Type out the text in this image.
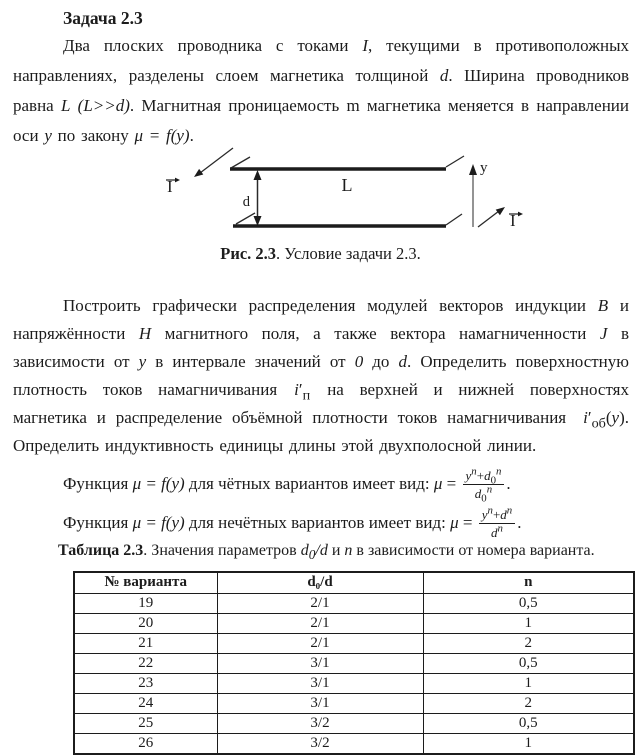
Задача 2.3

Два плоских проводника с токами I, текущими в противоположных направлениях, разделены слоем магнетика толщиной d. Ширина проводников равна L (L>>d). Магнитная проницаемость m магнетика меняется в направлении оси y по закону μ = f(y).

I
d
L
y
I

Рис. 2.3. Условие задачи 2.3.

Построить графически распределения модулей векторов индукции B и напряжённости H магнитного поля, а также вектора намагниченности J в зависимости от y в интервале значений от 0 до d. Определить поверхностную плотность токов намагничивания  $i'_п$  на верхней и нижней поверхностях магнетика и распределение объёмной плотности токов намагничивания  $i'_{об}(y)$. Определить индуктивность единицы длины этой двухполосной линии.

Функция μ = f(y) для чётных вариантов имеет вид: $\mu = \frac{y^n+d_0^n}{d_0^n}$ .
Функция μ = f(y) для нечётных вариантов имеет вид: $\mu = \frac{y^n+d^n}{d^n}$ .

Таблица 2.3. Значения параметров $d_0/d$ и n в зависимости от номера варианта.

№ варианта	d₀/d	n
19	2/1	0,5
20	2/1	1
21	2/1	2
22	3/1	0,5
23	3/1	1
24	3/1	2
25	3/2	0,5
26	3/2	1
